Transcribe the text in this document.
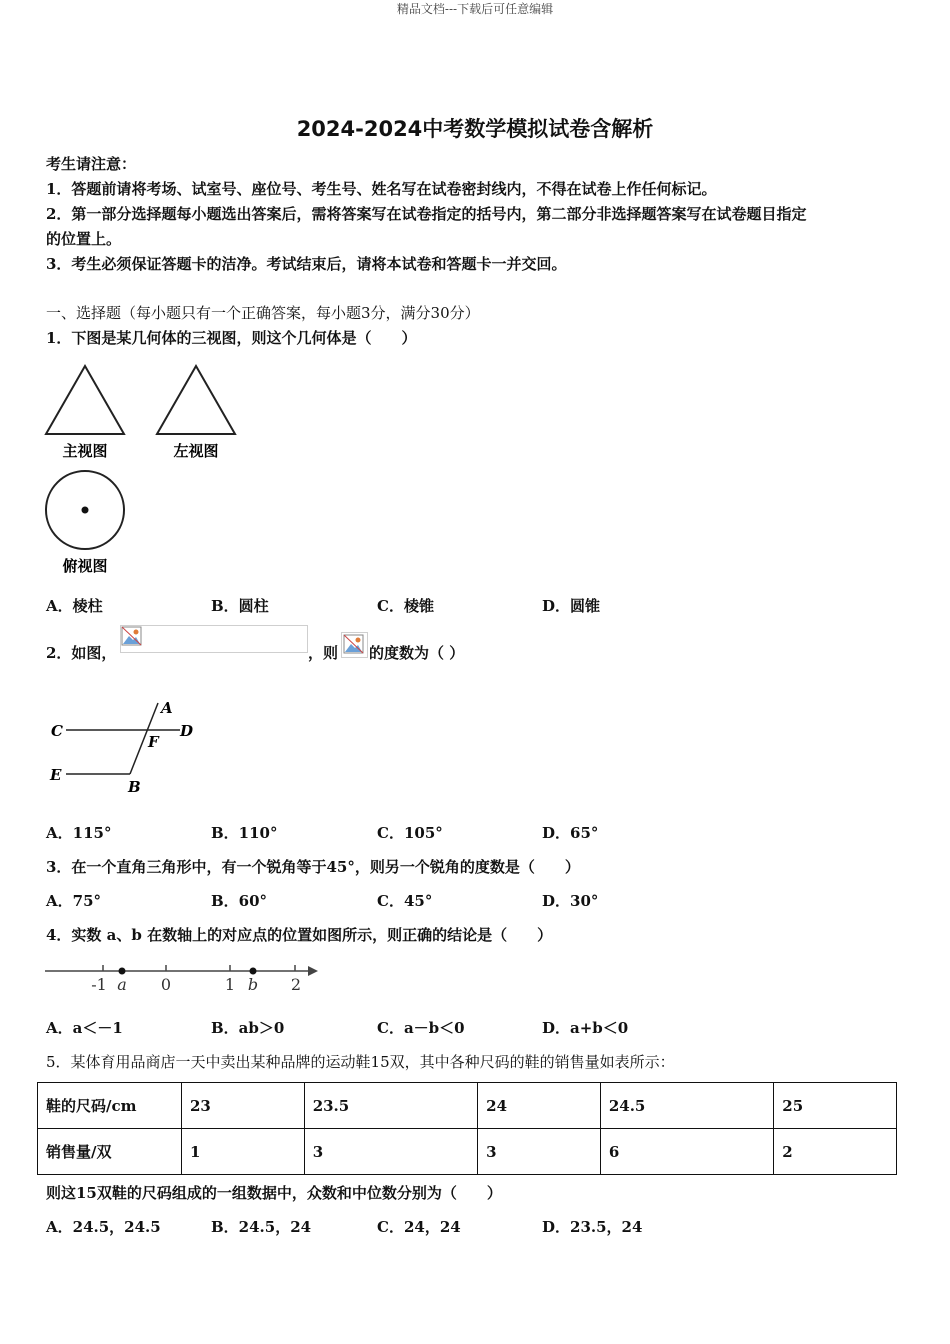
精品文档---下载后可任意编辑
2024-2024中考数学模拟试卷含解析
考生请注意：
1．答题前请将考场、试室号、座位号、考生号、姓名写在试卷密封线内，不得在试卷上作任何标记。
2．第一部分选择题每小题选出答案后，需将答案写在试卷指定的括号内，第二部分非选择题答案写在试卷题目指定
的位置上。
3．考生必须保证答题卡的洁净。考试结束后，请将本试卷和答题卡一并交回。
一、选择题（每小题只有一个正确答案，每小题3分，满分30分）
1．下图是某几何体的三视图，则这个几何体是（　　）
主视图	左视图
俯视图
A．棱柱	B．圆柱	C．棱锥	D．圆锥
2．如图，	，则 的度数为（ ）
A
C	D
F
E
B
A．115°	B．110°	C．105°	D．65°
3．在一个直角三角形中，有一个锐角等于45°，则另一个锐角的度数是（　　）
A．75°	B．60°	C．45°	D．30°
4．实数 a、b 在数轴上的对应点的位置如图所示，则正确的结论是（　　）
-1 a 0	1 b 2
A．a＜－1	B．ab＞0	C．a－b＜0	D．a+b＜0
5．某体育用品商店一天中卖出某种品牌的运动鞋15双，其中各种尺码的鞋的销售量如表所示：
鞋的尺码/cm	23	23.5	24	24.5	25
销售量/双	1	3	3	6	2
则这15双鞋的尺码组成的一组数据中，众数和中位数分别为（　　）
A．24.5，24.5	B．24.5，24	C．24，24	D．23.5，24
